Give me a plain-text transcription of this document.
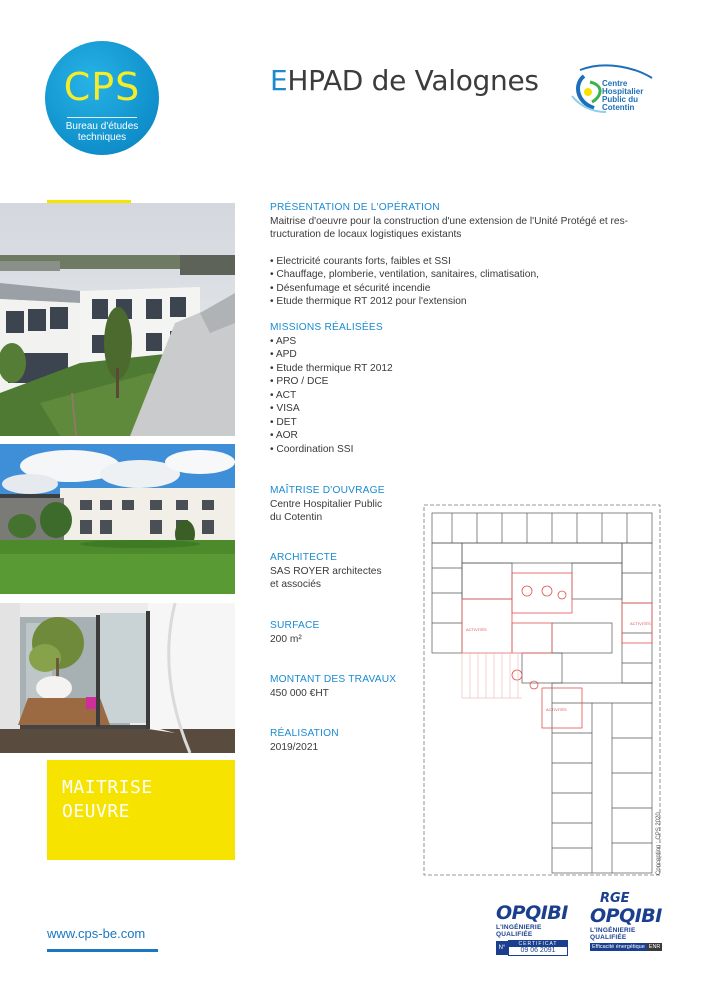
CPS
Bureau d'études
techniques
EHPAD de Valognes	Centre
Hospitalier
Public du
Cotentin
MAITRISE
OEUVRE
www.cps-be.com
PRÉSENTATION DE L'OPÉRATION
Maitrise d'oeuvre pour la construction d'une extension de l'Unité Protégé et res-
tructuration de locaux logistiques existants
• Electricité courants forts, faibles et SSI
• Chauffage, plomberie, ventilation, sanitaires, climatisation,
• Désenfumage et sécurité incendie
• Etude thermique RT 2012 pour l'extension
MISSIONS RÉALISÉES
• APS
• APD
• Etude thermique RT 2012
• PRO / DCE
• ACT
• VISA
• DET
• AOR
• Coordination SSI
MAÎTRISE D'OUVRAGE
Centre Hospitalier Public
du Cotentin
ARCHITECTE
SAS ROYER architectes
et associés
SURFACE
200 m²
MONTANT DES TRAVAUX
450 000 €HT
RÉALISATION
2019/2021
ACTIVITÉS
ACTIVITÉS
ACTIVITÉS
Conception : CPS 2020
OPQIBI
L'INGÉNIERIE QUALIFIÉE
N°
CERTIFICAT
09 06 2091
RGE
OPQIBI
L'INGÉNIERIE QUALIFIÉE
Efficacité énergétique ENR
